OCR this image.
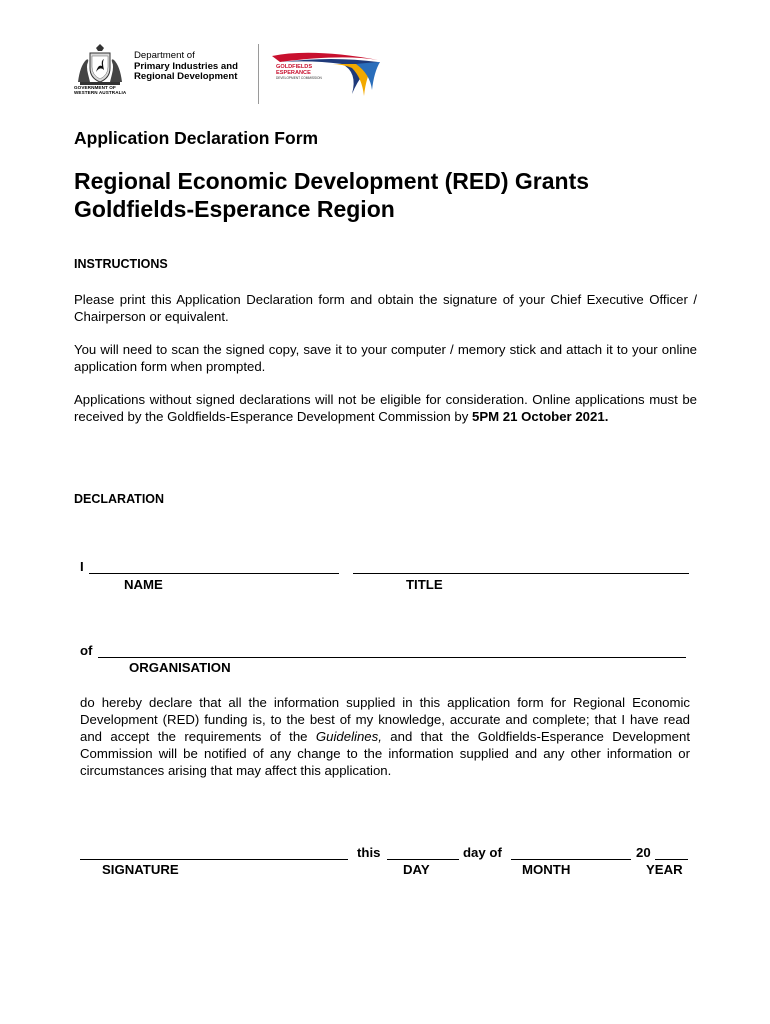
GOVERNMENT OF
WESTERN AUSTRALIA
Department of
Primary Industries and
Regional Development
GOLDFIELDS
ESPERANCE
DEVELOPMENT COMMISSION
Application Declaration Form
Regional Economic Development (RED) Grants
Goldfields-Esperance Region
INSTRUCTIONS
Please print this Application Declaration form and obtain the signature of your Chief Executive Officer / Chairperson or equivalent.
You will need to scan the signed copy, save it to your computer / memory stick and attach it to your online application form when prompted.
Applications without signed declarations will not be eligible for consideration. Online applications must be received by the Goldfields-Esperance Development Commission by 5PM 21 October 2021.
DECLARATION
I
NAME	TITLE
of
ORGANISATION
do hereby declare that all the information supplied in this application form for Regional Economic Development (RED) funding is, to the best of my knowledge, accurate and complete; that I have read and accept the requirements of the Guidelines, and that the Goldfields-Esperance Development Commission will be notified of any change to the information supplied and any other information or circumstances arising that may affect this application.
this	day of	20
SIGNATURE	DAY	MONTH	YEAR
